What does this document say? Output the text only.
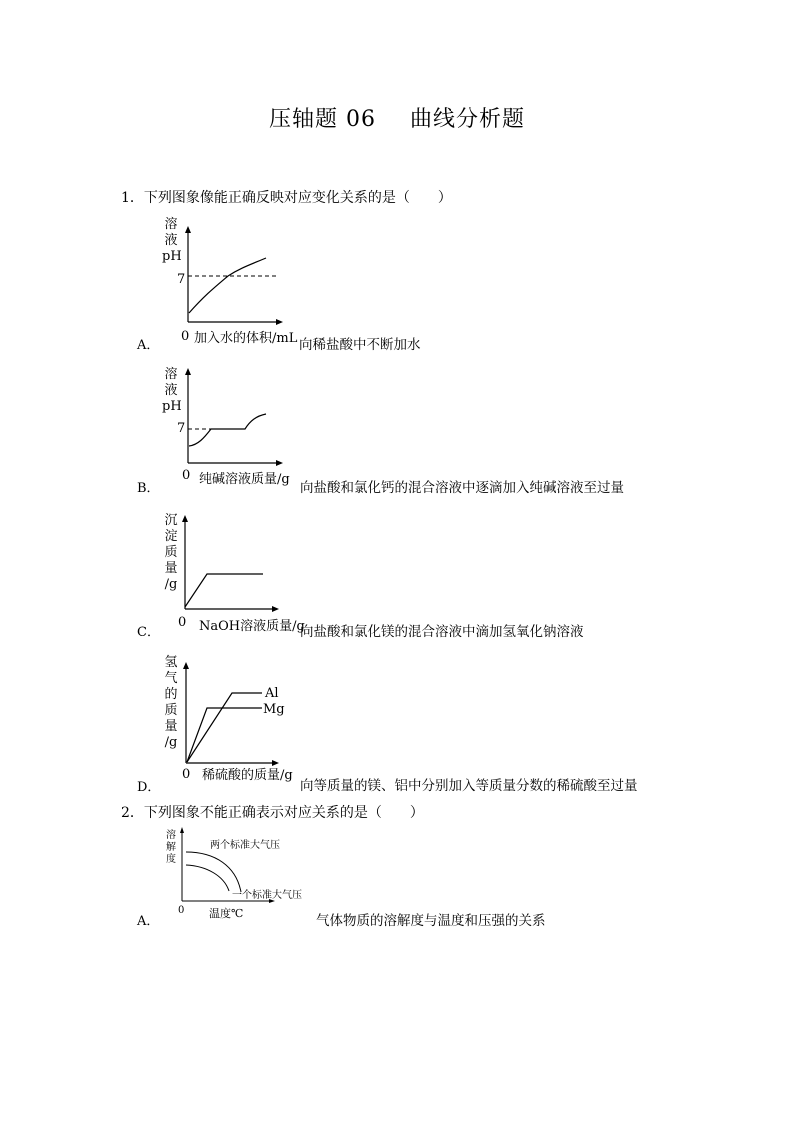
压轴题 06 曲线分析题
1．下列图象像能正确反映对应变化关系的是（　　）
溶
液
pH
7
0 加入水的体积/mL
A．	向稀盐酸中不断加水
溶
液
pH
7
0 纯碱溶液质量/g
B．	向盐酸和氯化钙的混合溶液中逐滴加入纯碱溶液至过量
沉
淀
质
量
/g
0 NaOH溶液质量/g
C．	向盐酸和氯化镁的混合溶液中滴加氢氧化钠溶液
氢
气
的
质
量
/g
Al
Mg
0 稀硫酸的质量/g
D．	向等质量的镁、铝中分别加入等质量分数的稀硫酸至过量
2．下列图象不能正确表示对应关系的是（　　）
溶
解
度
两个标准大气压
一个标准大气压
0 温度℃
A．	气体物质的溶解度与温度和压强的关系
